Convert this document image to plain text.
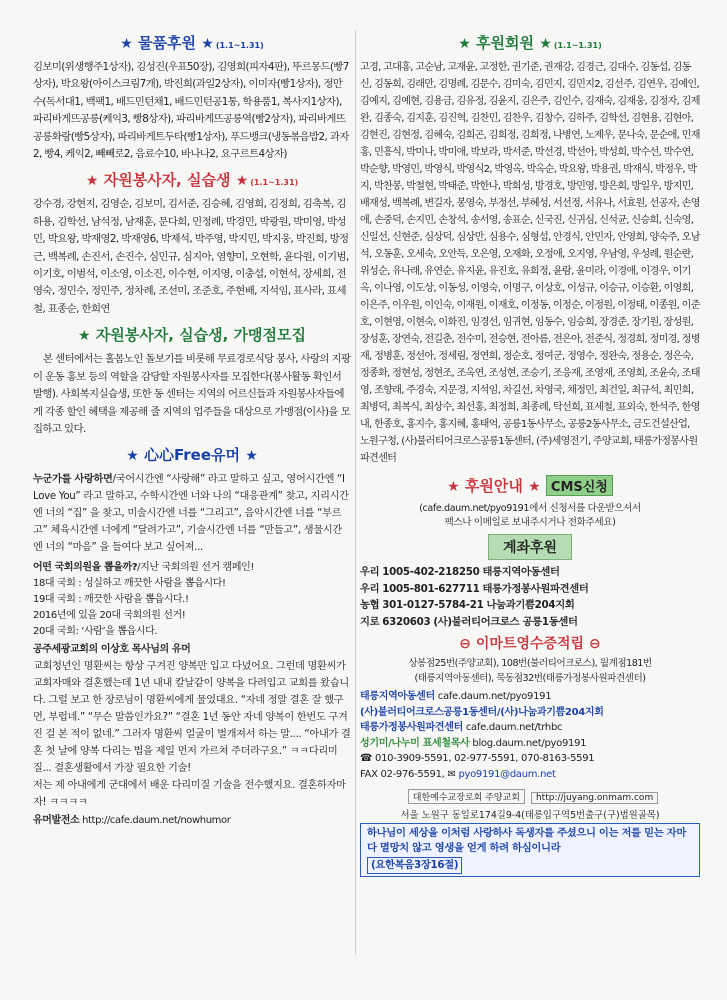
★ 물품후원 ★ (1.1~1.31)
김보미(위생행주1상자), 김성진(우표50장), 김영희(피자4판), 뚜르몽드(빵7상자), 박요왕(아이스크림7개), 박진희(과일2상자), 이미자(빵1상자), 정만수(독서대1, 백팩1, 배드민턴채1, 배드민턴공1통, 학용품1, 복사지1상자), 파리바게뜨공릉(케익3, 빵8상자), 파리바게뜨공릉역(빵2상자), 파리바게뜨공릉화랑(빵5상자), 파리바게트두타(빵1상자), 푸드뱅크(냉동볶음밥2, 과자2, 빵4, 케익2, 빼빼로2, 음료수10, 바나나2, 요구르트4상자)
★ 자원봉사자, 실습생 ★ (1.1~1.31)
강수경, 강현지, 김영순, 김보미, 김서준, 김승혜, 김영희, 김정희, 김축복, 김하용, 김학선, 남석정, 남재훈, 문다희, 민정례, 박경민, 박광원, 박미영, 박성민, 박요왕, 박재영2, 박재영6, 박제석, 박주영, 박지민, 박지웅, 박진희, 방정근, 백복례, 손진서, 손진수, 심민규, 심지아, 염향미, 오현학, 윤다원, 이기범, 이기호, 이범석, 이소영, 이소진, 이수현, 이지영, 이충섭, 이현석, 장세희, 전영숙, 정민수, 정민주, 정차례, 조선미, 조준호, 주현배, 지석임, 표사라, 표세철, 표종순, 한희연
★ 자원봉사자, 실습생, 가맹점모집
본 센터에서는 홀몸노인 돌보기를 비롯해 무료경로식당 봉사, 사랑의 지팡이 운동 홍보 등의 역할을 감당할 자원봉사자를 모집한다(봉사활동 확인서 발행). 사회복지실습생, 또한 동 센터는 지역의 어르신들과 자원봉사자들에게 각종 할인 혜택을 제공해 줄 지역의 업주들을 대상으로 가맹점(이사)을 모집하고 있다.
★ 心心Free유머 ★
누군가를 사랑하면/국어시간엔 “사랑해” 라고 말하고 싶고, 영어시간엔 “I Love You” 라고 말하고, 수학시간엔 너와 나의 “대응관계” 찾고, 지리시간엔 너의 “집” 을 찾고, 미술시간엔 너를 “그리고”, 음악시간엔 너를 “부르고” 체육시간엔 너에게 “달려가고”, 기술시간엔 너를 “만들고”, 생물시간엔 너의 “마음” 을 들여다 보고 싶어져...
어떤 국회의원을 뽑을까?/지난 국회의원 선거 캠페인!
18대 국회 : 성실하고 깨끗한 사람을 뽑읍시다!
19대 국회 : 깨끗한 사람을 뽑읍시다.!
2016년에 있을 20대 국회의원 선거!
20대 국회: ‘사람’을 뽑읍시다.
공주세광교회의 이상호 목사님의 유머
교회청년인 명환씨는 항상 구겨진 양복만 입고 다녔어요. 그런데 명환씨가 교회자매와 결혼했는데 1년 내내 칼날같이 양복을 다려입고 교회를 왔습니다. 그럴 보고 한 장로님이 명환씨에게 물었대요. “자네 정말 결혼 잘 했구먼, 부럽네.” “무슨 말씀인가요?” “결혼 1년 동안 자네 양복이 한번도 구겨진 걸 본 적이 없네.” 그러자 명환씨 얼굴이 벌개져서 하는 말.... “아내가 결혼 첫 날에 양복 다리는 법을 제일 먼저 가르쳐 주더라구요.” ㅋㅋ다리미질... 결혼생활에서 가장 필요한 기술!
저는 제 아내에게 군대에서 배운 다리미질 기술을 전수했지요. 결혼하자마자! ㅋㅋㅋㅋ
유머발전소 http://cafe.daum.net/nowhumor
★ 후원회원 ★ (1.1~1.31)
고경, 고대홍, 고순남, 고재윤, 고정한, 권기준, 권재강, 김경근, 김대수, 김동섭, 김동신, 김동희, 김래만, 김명례, 김문수, 김미숙, 김민지, 김민지2, 김선주, 김연우, 김예인, 김예지, 김예현, 김용금, 김유정, 김윤지, 김은주, 김인수, 김재숙, 김재웅, 김정자, 김제완, 김종숙, 김지훈, 김진혁, 김찬민, 김찬우, 김창수, 김하주, 김학선, 김현용, 김현아, 김현진, 김현정, 김혜숙, 김희곤, 김희정, 김희정, 나병연, 노제우, 문나숙, 문순애, 민재홍, 민흥식, 박미나, 박미애, 박보라, 박서준, 박선경, 박선아, 박성희, 박수선, 박수연, 박순향, 박영민, 박영식, 박영식2, 박영옥, 박옥순, 박요왕, 박용권, 박재식, 박정우, 박지, 박찬봉, 박철현, 박태준, 박한나, 박희성, 방경호, 방민영, 방은희, 방일우, 방지민, 배재성, 백복례, 변길자, 봉영숙, 부정선, 부혜성, 서선정, 서유나, 서효원, 선공자, 손영애, 손중덕, 손지민, 손창석, 송서영, 송표순, 신국진, 신귀심, 신석균, 신승희, 신숙영, 신일선, 신현준, 심상덕, 심상만, 심용수, 심형섭, 안경식, 안민자, 안영희, 양숙주, 오남석, 오동훈, 오세숙, 오안득, 오은영, 오재화, 오정애, 오지영, 우남영, 우성례, 원순란, 위성순, 유나래, 유연순, 유지윤, 유진호, 유희정, 윤람, 윤미라, 이경애, 이경우, 이기옥, 이나영, 이도상, 이동성, 이영숙, 이명구, 이상호, 이성규, 이승규, 이승환, 이영희, 이은주, 이우원, 이인숙, 이재원, 이재호, 이정동, 이정순, 이정원, 이정태, 이종원, 이준호, 이현영, 이현숙, 이화진, 임경선, 임귀현, 임동수, 임승희, 장경준, 장기원, 장성원, 장성훈, 장연숙, 전길춘, 전수미, 전승현, 전아름, 전은아, 전준식, 정경희, 정미경, 정병재, 정병훈, 정선아, 정세림, 정연희, 정순호, 정여군, 정영수, 정완숙, 정용순, 정은숙, 정종화, 정현성, 정현조, 조옥연, 조성현, 조승기, 조응재, 조영재, 조영희, 조윤숙, 조태영, 조향래, 주경숙, 지문경, 지석임, 차길선, 차영국, 채정민, 최건일, 최규석, 최민희, 최병덕, 최복식, 최상수, 최선홍, 최정희, 최종례, 탁선희, 표세철, 표외숙, 한석주, 한영내, 한종호, 홍지수, 홍지혜, 홍태억, 공릉1동사무소, 공릉2동사무소, 금도건설산업, 노원구청, (사)불러티어크로스공릉1동센터, (주)세영전기, 주양교회, 태릉가정봉사원파견센터
★ 후원안내 ★ CMS신청
(cafe.daum.net/pyo9191에서 신청서를 다운받으셔서
팩스나 이메일로 보내주시거나 전화주세요)
계좌후원
우리 1005-402-218250 태릉지역아동센터
우리 1005-801-627711 태릉가정봉사원파견센터
농협 301-0127-5784-21 나눔과기쁨204지회
지로 6320603 (사)불러티어크로스 공릉1동센터
⊖ 이마트영수증적립 ⊖
상봉점25번(주양교회), 108번(불러티어크로스), 월계점181번
(태릉지역아동센터), 묵동점32번(태릉가정봉사원파견센터)
태릉지역아동센터 cafe.daum.net/pyo9191
(사)불러티어크로스공릉1동센터/(사)나눔과기쁨204지회
태릉가정봉사원파견센터 cafe.daum.net/trhbc
성기미/나누미 표세철목사 blog.daum.net/pyo9191
☎ 010-3909-5591, 02-977-5591, 070-8163-5591
FAX 02-976-5591, ✉ pyo9191@daum.net
대한예수교장로회 주양교회 http://juyang.onmam.com
서울 노원구 동일로174길9-4(태릉입구역5번출구(구)법원골목)
하나님이 세상을 이처럼 사랑하사 독생자를 주셨으니 이는 저를 믿는 자마다 멸망치 않고 영생을 얻게 하려 하심이니라
(요한복음3장16절)
